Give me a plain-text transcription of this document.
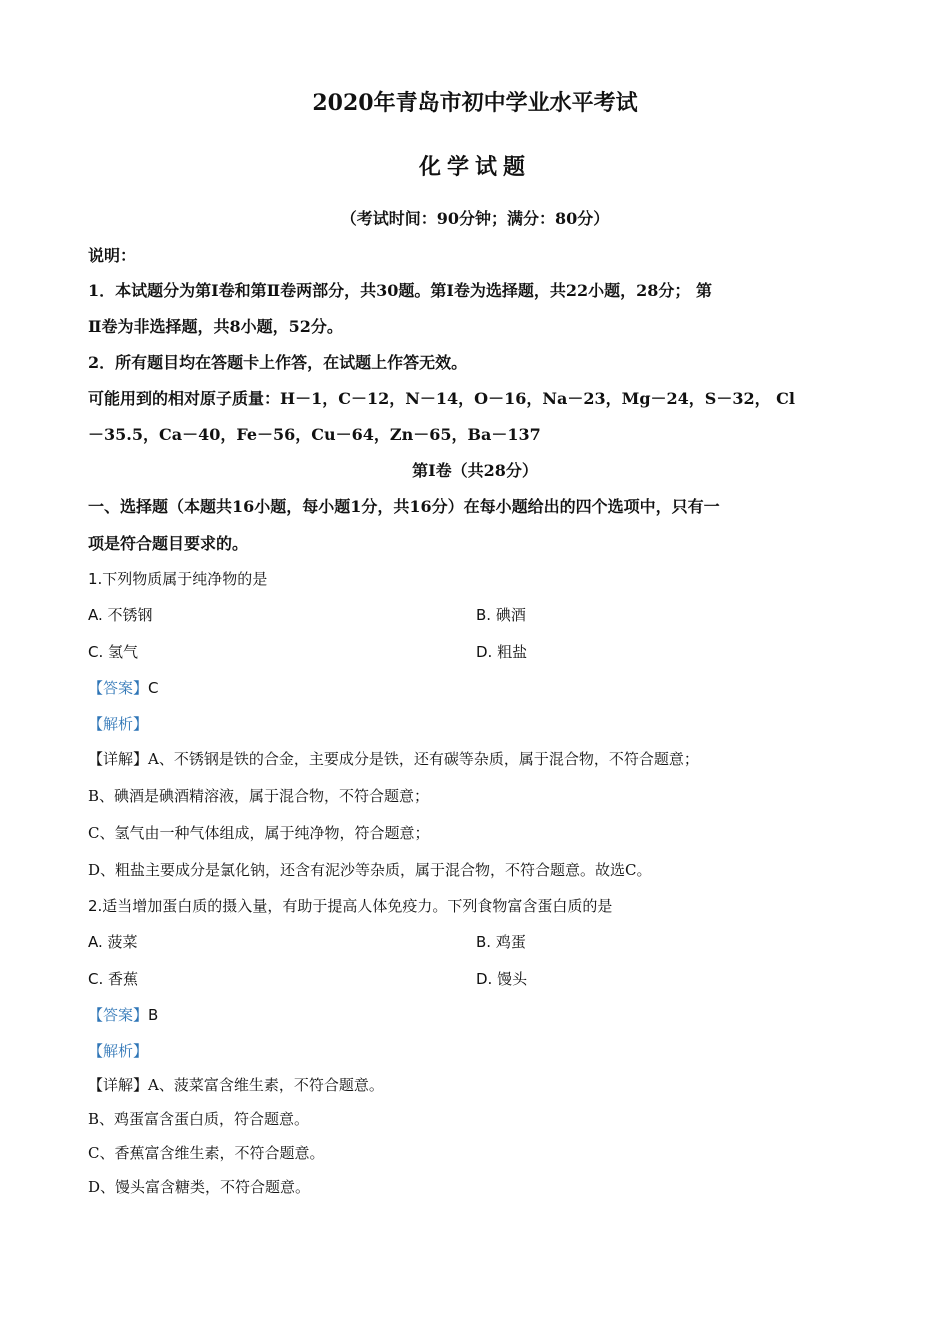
2020年青岛市初中学业水平考试
化学试题
（考试时间：90分钟；满分：80分）
说明：
1．本试题分为第Ⅰ卷和第Ⅱ卷两部分，共30题。第Ⅰ卷为选择题，共22小题，28分； 第
Ⅱ卷为非选择题，共8小题，52分。
2．所有题目均在答题卡上作答，在试题上作答无效。
可能用到的相对原子质量：H－1，C－12，N－14，O－16，Na－23，Mg－24，S－32， Cl
－35.5，Ca－40，Fe－56，Cu－64，Zn－65，Ba－137
第Ⅰ卷（共28分）
一、选择题（本题共16小题，每小题1分，共16分）在每小题给出的四个选项中，只有一
项是符合题目要求的。
1.下列物质属于纯净物的是
A. 不锈钢	B. 碘酒
C. 氢气	D. 粗盐
【答案】C
【解析】
【详解】A、不锈钢是铁的合金，主要成分是铁，还有碳等杂质，属于混合物，不符合题意；
B、碘酒是碘酒精溶液，属于混合物，不符合题意；
C、氢气由一种气体组成，属于纯净物，符合题意；
D、粗盐主要成分是氯化钠，还含有泥沙等杂质，属于混合物，不符合题意。故选C。
2.适当增加蛋白质的摄入量，有助于提高人体免疫力。下列食物富含蛋白质的是
A. 菠菜	B. 鸡蛋
C. 香蕉	D. 馒头
【答案】B
【解析】
【详解】A、菠菜富含维生素，不符合题意。
B、鸡蛋富含蛋白质，符合题意。
C、香蕉富含维生素，不符合题意。
D、馒头富含糖类，不符合题意。
